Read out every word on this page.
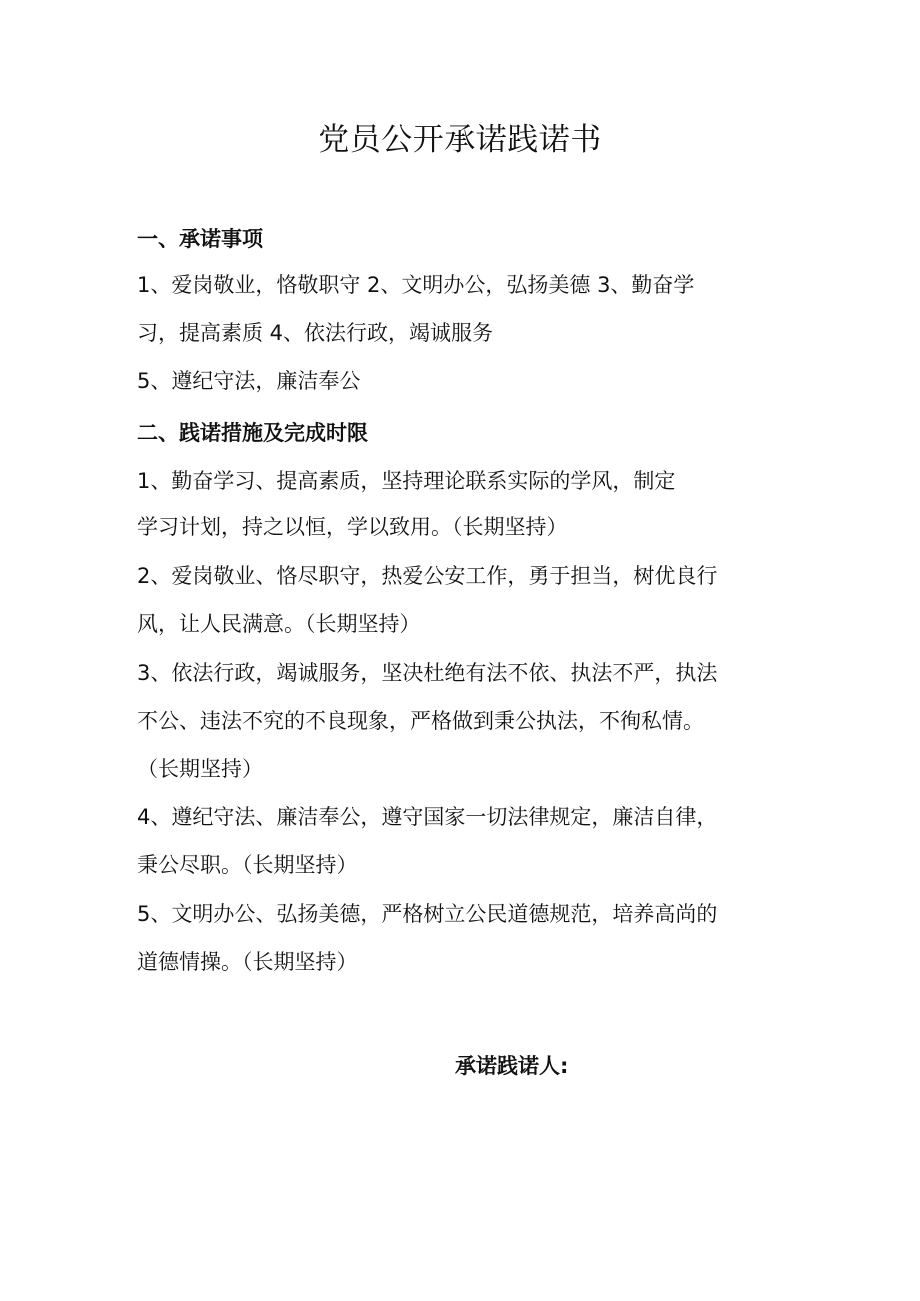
党员公开承诺践诺书
一、承诺事项
1、爱岗敬业，恪敬职守 2、文明办公，弘扬美德 3、勤奋学
习，提高素质 4、依法行政，竭诚服务
5、遵纪守法，廉洁奉公
二、践诺措施及完成时限
1、勤奋学习、提高素质，坚持理论联系实际的学风，制定
学习计划，持之以恒，学以致用。（长期坚持）
2、爱岗敬业、恪尽职守，热爱公安工作，勇于担当，树优良行
风，让人民满意。（长期坚持）
3、依法行政，竭诚服务，坚决杜绝有法不依、执法不严，执法
不公、违法不究的不良现象，严格做到秉公执法，不徇私情。
（长期坚持）
4、遵纪守法、廉洁奉公，遵守国家一切法律规定，廉洁自律，
秉公尽职。（长期坚持）
5、文明办公、弘扬美德，严格树立公民道德规范，培养高尚的
道德情操。（长期坚持）
承诺践诺人:
